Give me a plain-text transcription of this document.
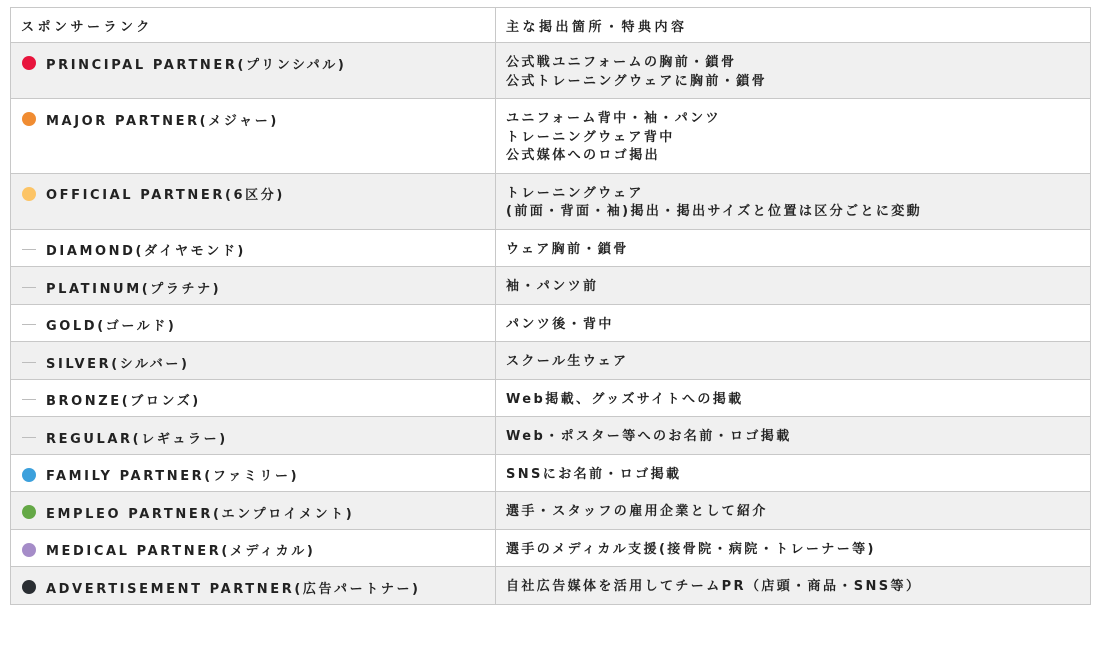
スポンサーランク	主な掲出箇所・特典内容

PRINCIPAL PARTNER(プリンシパル)	公式戦ユニフォームの胸前・鎖骨
公式トレーニングウェアに胸前・鎖骨

MAJOR PARTNER(メジャー)	ユニフォーム背中・袖・パンツ
トレーニングウェア背中
公式媒体へのロゴ掲出

OFFICIAL PARTNER(6区分)	トレーニングウェア
(前面・背面・袖)掲出・掲出サイズと位置は区分ごとに変動

DIAMOND(ダイヤモンド)	ウェア胸前・鎖骨

PLATINUM(プラチナ)	袖・パンツ前

GOLD(ゴールド)	パンツ後・背中

SILVER(シルバー)	スクール生ウェア

BRONZE(ブロンズ)	Web掲載、グッズサイトへの掲載

REGULAR(レギュラー)	Web・ポスター等へのお名前・ロゴ掲載

FAMILY PARTNER(ファミリー)	SNSにお名前・ロゴ掲載

EMPLEO PARTNER(エンプロイメント)	選手・スタッフの雇用企業として紹介

MEDICAL PARTNER(メディカル)	選手のメディカル支援(接骨院・病院・トレーナー等)

ADVERTISEMENT PARTNER(広告パートナー)	自社広告媒体を活用してチームPR（店頭・商品・SNS等）
